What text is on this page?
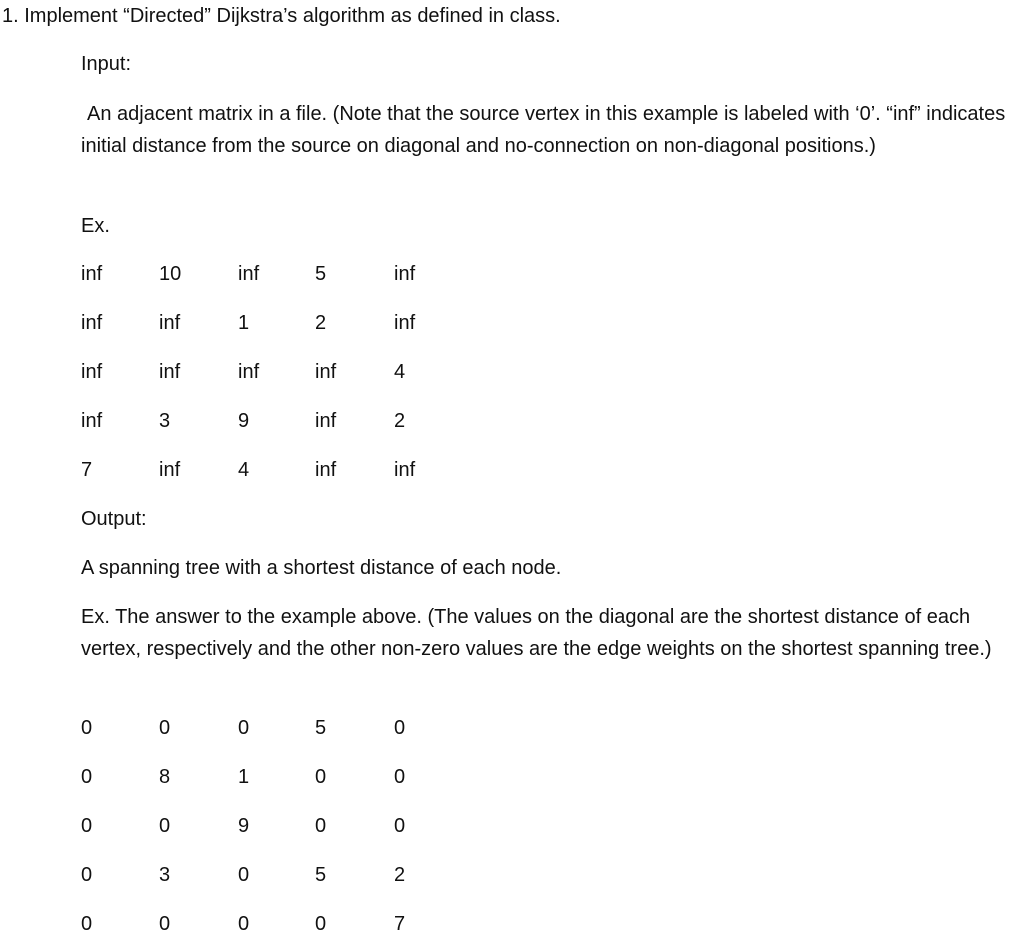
1. Implement “Directed” Dijkstra’s algorithm as defined in class.
Input:
An adjacent matrix in a file. (Note that the source vertex in this example is labeled with ‘0’. “inf” indicates initial distance from the source on diagonal and no-connection on non-diagonal positions.)
Ex.
inf	10	inf	5	inf
inf	inf	1	2	inf
inf	inf	inf	inf	4
inf	3	9	inf	2
7	inf	4	inf	inf
Output:
A spanning tree with a shortest distance of each node.
Ex. The answer to the example above. (The values on the diagonal are the shortest distance of each vertex, respectively and the other non-zero values are the edge weights on the shortest spanning tree.)
0	0	0	5	0
0	8	1	0	0
0	0	9	0	0
0	3	0	5	2
0	0	0	0	7
